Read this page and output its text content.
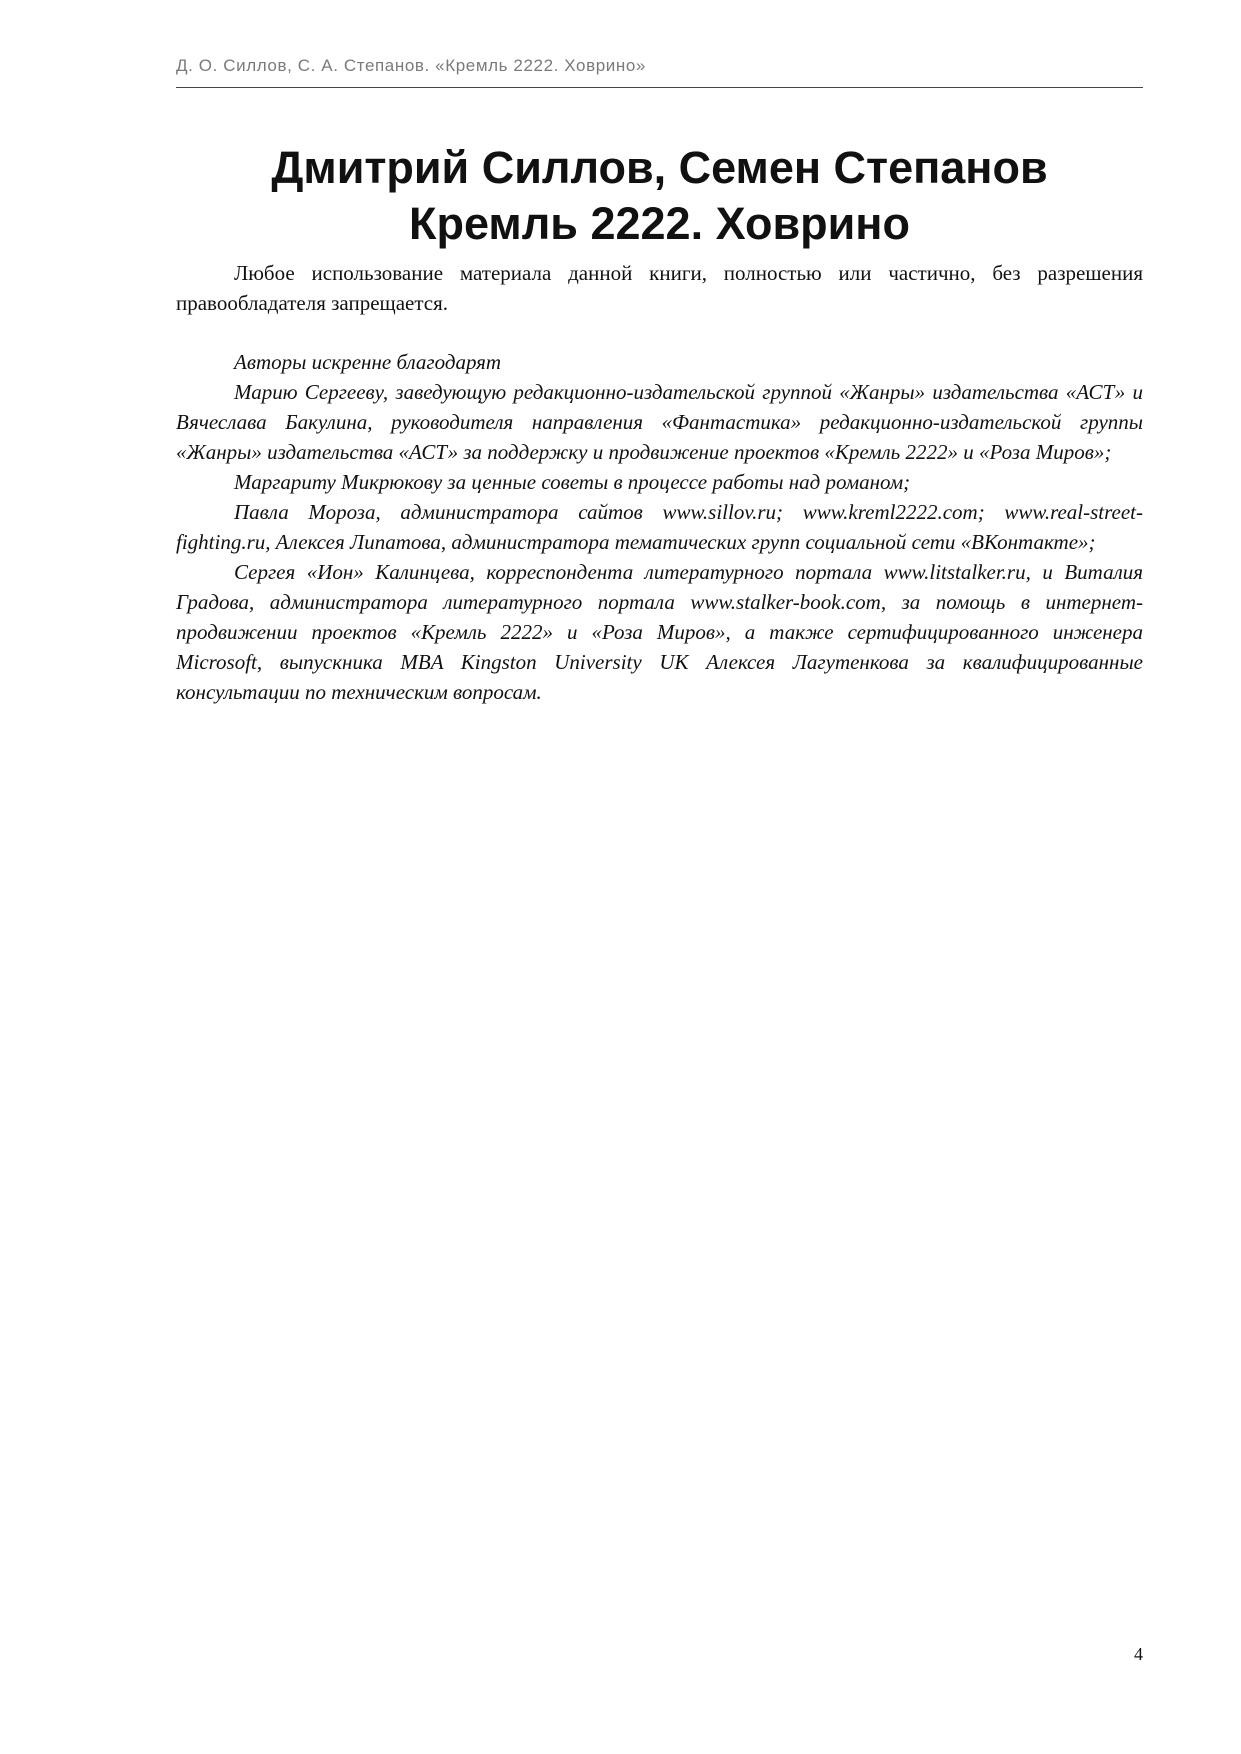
Д. О. Силлов, С. А. Степанов. «Кремль 2222. Ховрино»
Дмитрий Силлов, Семен Степанов
Кремль 2222. Ховрино

Любое использование материала данной книги, полностью или частично, без разрешения правообладателя запрещается.

Авторы искренне благодарят

Марию Сергееву, заведующую редакционно-издательской группой «Жанры» издательства «АСТ» и Вячеслава Бакулина, руководителя направления «Фантастика» редакционно-издательской группы «Жанры» издательства «АСТ» за поддержку и продвижение проектов «Кремль 2222» и «Роза Миров»;

Маргариту Микрюкову за ценные советы в процессе работы над романом;

Павла Мороза, администратора сайтов www.sillov.ru; www.kreml2222.com; www.real-street-fighting.ru, Алексея Липатова, администратора тематических групп социальной сети «ВКонтакте»;

Сергея «Ион» Калинцева, корреспондента литературного портала www.litstalker.ru, и Виталия Градова, администратора литературного портала www.stalker-book.com, за помощь в интернет-продвижении проектов «Кремль 2222» и «Роза Миров», а также сертифицированного инженера Microsoft, выпускника MBA Kingston University UK Алексея Лагутенкова за квалифицированные консультации по техническим вопросам.

4
